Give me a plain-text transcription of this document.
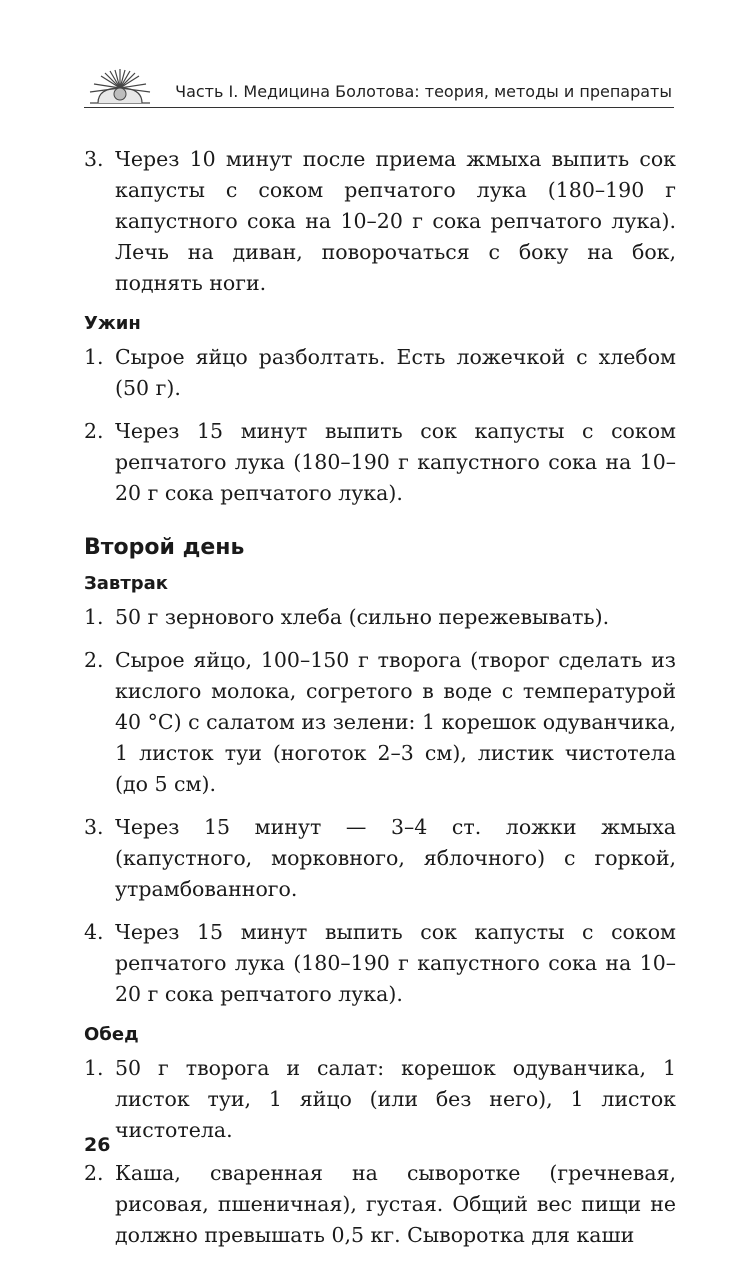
Часть I. Медицина Болотова: теория, методы и препараты
3. Через 10 минут после приема жмыха выпить сок капусты с соком репчатого лука (180–190 г капустного сока на 10–20 г сока репчатого лука). Лечь на диван, поворочаться с боку на бок, поднять ноги.
Ужин
1. Сырое яйцо разболтать. Есть ложечкой с хлебом (50 г).
2. Через 15 минут выпить сок капусты с соком репчатого лука (180–190 г капустного сока на 10–20 г сока репчатого лука).
Второй день
Завтрак
1. 50 г зернового хлеба (сильно пережевывать).
2. Сырое яйцо, 100–150 г творога (творог сделать из кислого молока, согретого в воде с температурой 40 °С) с салатом из зелени: 1 корешок одуванчика, 1 листок туи (ноготок 2–3 см), листик чистотела (до 5 см).
3. Через 15 минут — 3–4 ст. ложки жмыха (капустного, морковного, яблочного) с горкой, утрамбованного.
4. Через 15 минут выпить сок капусты с соком репчатого лука (180–190 г капустного сока на 10–20 г сока репчатого лука).
Обед
1. 50 г творога и салат: корешок одуванчика, 1 листок туи, 1 яйцо (или без него), 1 листок чистотела.
2. Каша, сваренная на сыворотке (гречневая, рисовая, пшеничная), густая. Общий вес пищи не должно превышать 0,5 кг. Сыворотка для каши
26
